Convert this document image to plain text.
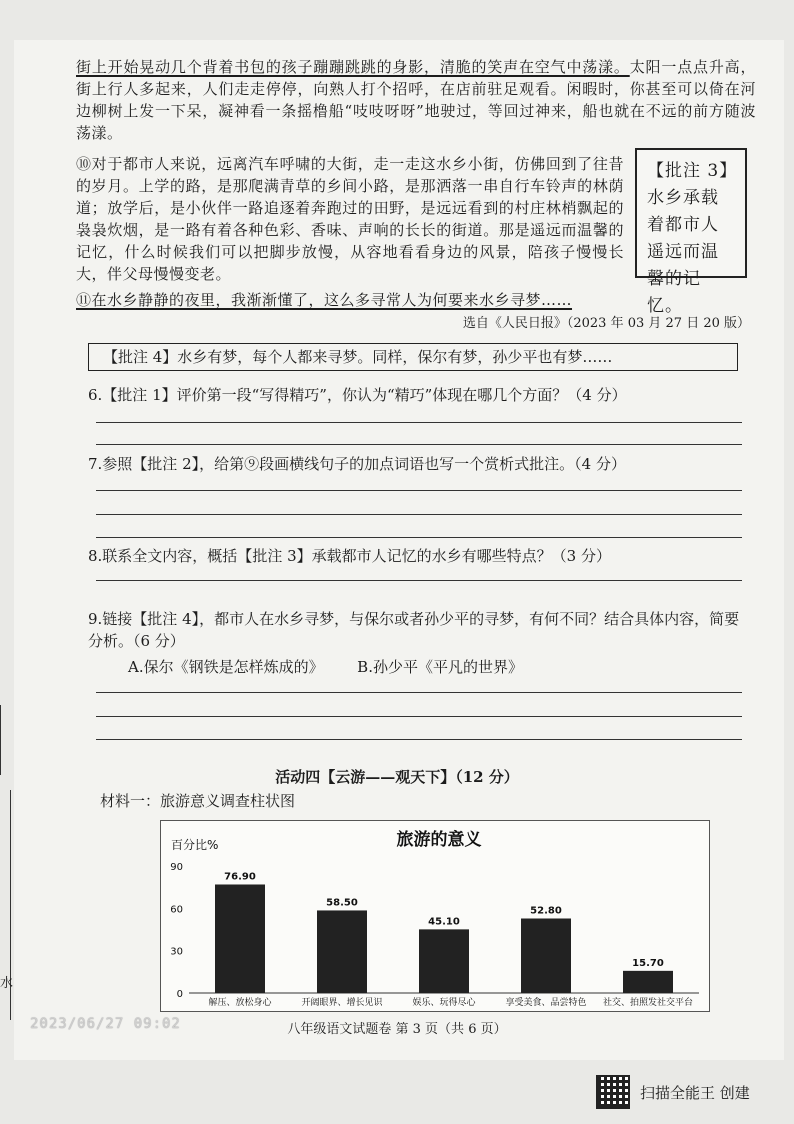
街上开始晃动几个背着书包的孩子蹦蹦跳跳的身影，清脆的笑声在空气中荡漾。太阳一点点升高，街上行人多起来，人们走走停停，向熟人打个招呼，在店前驻足观看。闲暇时，你甚至可以倚在河边柳树上发一下呆，凝神看一条摇橹船“吱吱呀呀”地驶过，等回过神来，船也就在不远的前方随波荡漾。
⑩对于都市人来说，远离汽车呼啸的大街，走一走这水乡小街，仿佛回到了往昔的岁月。上学的路，是那爬满青草的乡间小路，是那洒落一串自行车铃声的林荫道；放学后，是小伙伴一路追逐着奔跑过的田野，是远远看到的村庄林梢飘起的袅袅炊烟，是一路有着各种色彩、香味、声响的长长的街道。那是遥远而温馨的记忆，什么时候我们可以把脚步放慢，从容地看看身边的风景，陪孩子慢慢长大，伴父母慢慢变老。
【批注 3】水乡承载着都市人遥远而温馨的记忆。
⑪在水乡静静的夜里，我渐渐懂了，这么多寻常人为何要来水乡寻梦……
选自《人民日报》（2023 年 03 月 27 日 20 版）
【批注 4】水乡有梦，每个人都来寻梦。同样，保尔有梦，孙少平也有梦……
6.【批注 1】评价第一段“写得精巧”，你认为“精巧”体现在哪几个方面？（4 分）
7.参照【批注 2】，给第⑨段画横线句子的加点词语也写一个赏析式批注。（4 分）
8.联系全文内容，概括【批注 3】承载都市人记忆的水乡有哪些特点？（3 分）
9.链接【批注 4】，都市人在水乡寻梦，与保尔或者孙少平的寻梦，有何不同？结合具体内容，简要分析。（6 分）
A.保尔《钢铁是怎样炼成的》 B.孙少平《平凡的世界》
活动四【云游——观天下】（12 分）
材料一：旅游意义调查柱状图
旅游的意义
百分比%
0
30
60
90
76.90
解压、放松身心
58.50
开阔眼界、增长见识
45.10
娱乐、玩得尽心
52.80
享受美食、品尝特色
15.70
社交、拍照发社交平台
2023/06/27 09:02	八年级语文试题卷 第 3 页（共 6 页）
扫描全能王 创建
水
